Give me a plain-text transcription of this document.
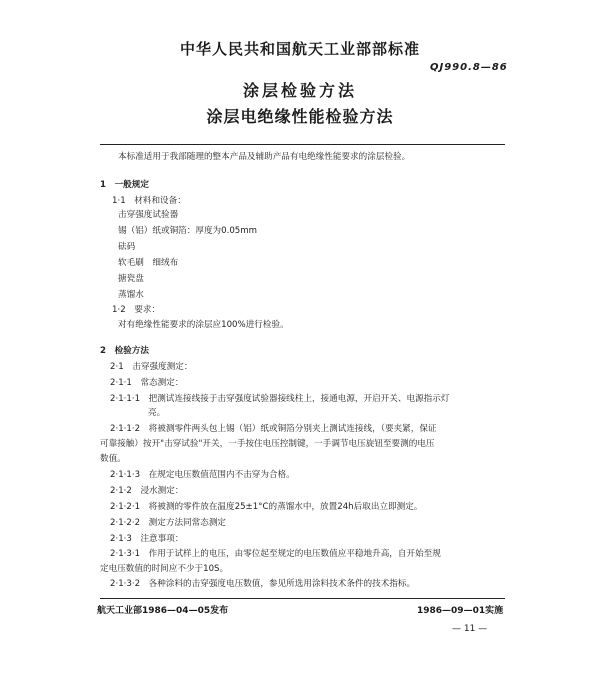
中华人民共和国航天工业部部标准
QJ990.8—86
涂层检验方法
涂层电绝缘性能检验方法
本标准适用于我部随理的整本产品及辅助产品有电绝缘性能要求的涂层检验。
1　一般规定
1·1　材料和设备：
击穿强度试验器
锡（铝）纸或铜箔：厚度为0.05mm
砝码
软毛刷　细绒布
搪瓷盘
蒸馏水
1·2　要求：
对有绝缘性能要求的涂层应100%进行检验。
2　检验方法
2·1　击穿强度测定：
2·1·1　常态测定：
2·1·1·1　把测试连接线接于击穿强度试验器接线柱上，接通电源，开启开关、电源指示灯
亮。
2·1·1·2　将被测零件两头包上锡（铝）纸或铜箔分别夹上测试连接线，（要夹紧，保证
可靠接触）按开"击穿试验"开关，一手按住电压控制键，一手调节电压旋钮至要测的电压
数值。
2·1·1·3　在规定电压数值范围内不击穿为合格。
2·1·2　浸水测定：
2·1·2·1　将被测的零件放在温度25±1°C的蒸馏水中，放置24h后取出立即测定。
2·1·2·2　测定方法同常态测定
2·1·3　注意事项：
2·1·3·1　作用于试样上的电压，由零位起至规定的电压数值应平稳地升高，自开始至规
定电压数值的时间应不少于10S。
2·1·3·2　各种涂料的击穿强度电压数值，参见所选用涂料技术条件的技术指标。
航天工业部1986—04—05发布	1986—09—01实施
— 11 —
